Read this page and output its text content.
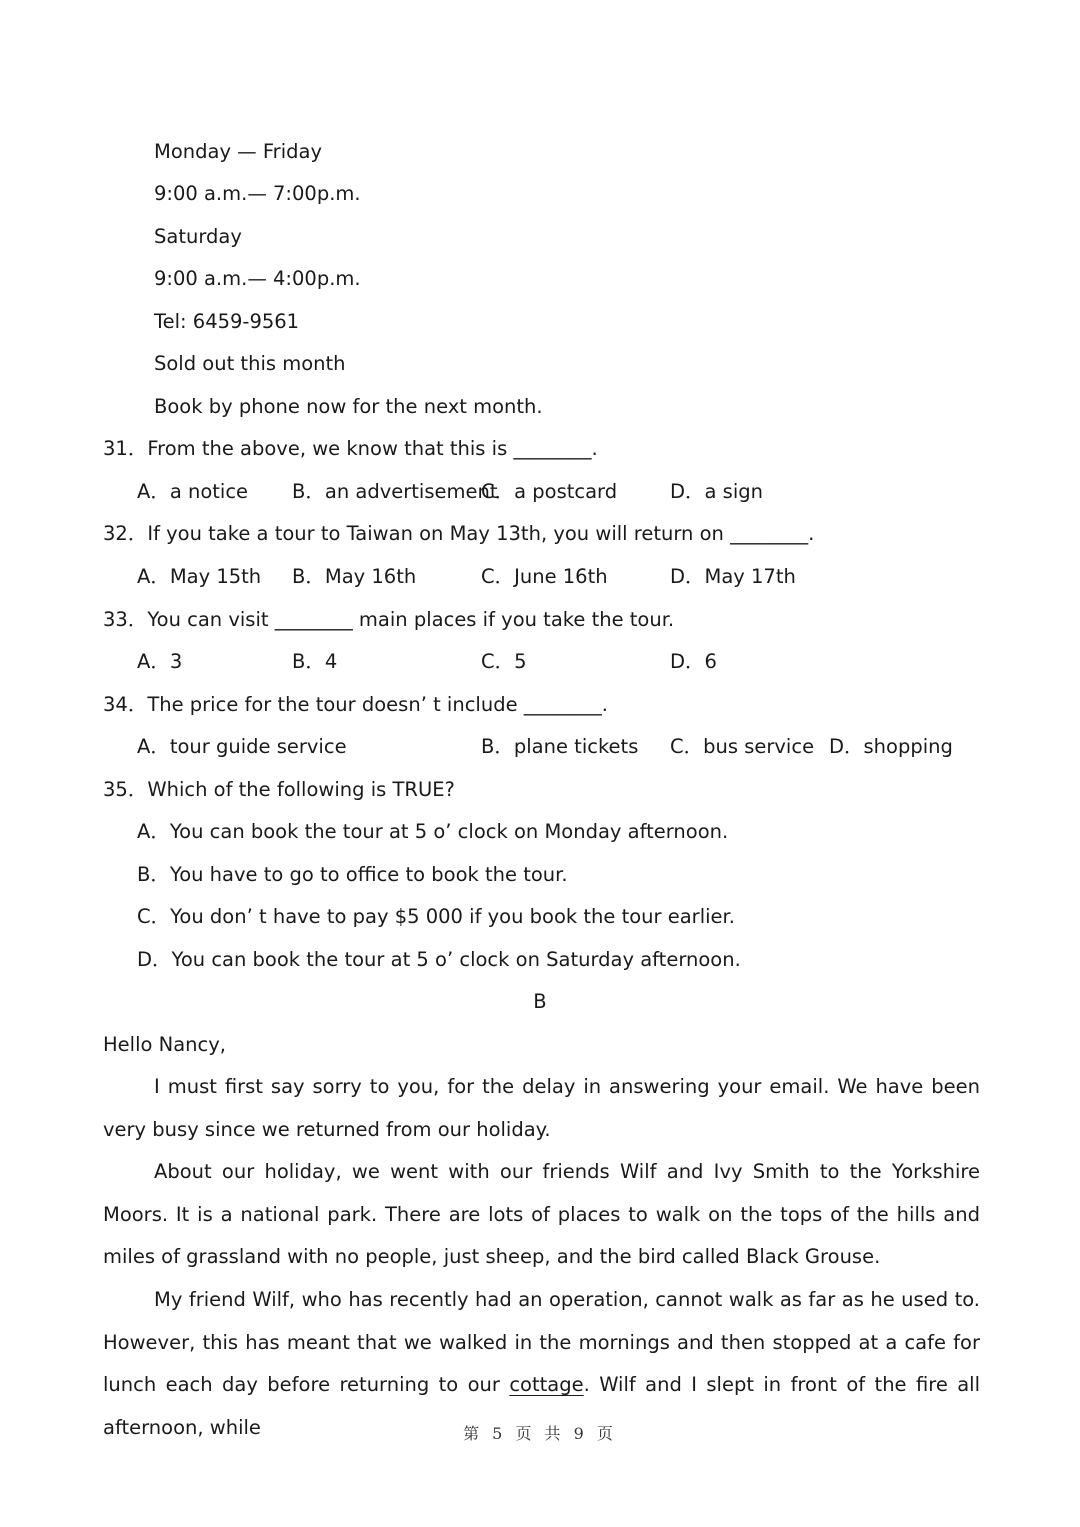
Monday — Friday
9:00 a.m.— 7:00p.m.
Saturday
9:00 a.m.— 4:00p.m.
Tel: 6459-9561
Sold out this month
Book by phone now for the next month.
31．From the above, we know that this is ________.
A．a notice B．an advertisement
C．a postcard	D．a sign
32．If you take a tour to Taiwan on May 13th, you will return on ________.
A．May 15th B．May 16th	C．June 16th	D．May 17th
33．You can visit ________ main places if you take the tour.
A．3	B．4	C．5	D．6
34．The price for the tour doesn’ t include ________.
A．tour guide service	B．plane tickets C．bus service D．shopping
35．Which of the following is TRUE?
A．You can book the tour at 5 o’ clock on Monday afternoon.
B．You have to go to office to book the tour.
C．You don’ t have to pay $5 000 if you book the tour earlier.
D．You can book the tour at 5 o’ clock on Saturday afternoon.
B
Hello Nancy,
I must first say sorry to you, for the delay in answering your email. We have been very busy since we returned from our holiday.
About our holiday, we went with our friends Wilf and Ivy Smith to the Yorkshire Moors. It is a national park. There are lots of places to walk on the tops of the hills and miles of grassland with no people, just sheep, and the bird called Black Grouse.
My friend Wilf, who has recently had an operation, cannot walk as far as he used to. However, this has meant that we walked in the mornings and then stopped at a cafe for lunch each day before returning to our cottage. Wilf and I slept in front of the fire all afternoon, while	第 5 页 共 9 页
